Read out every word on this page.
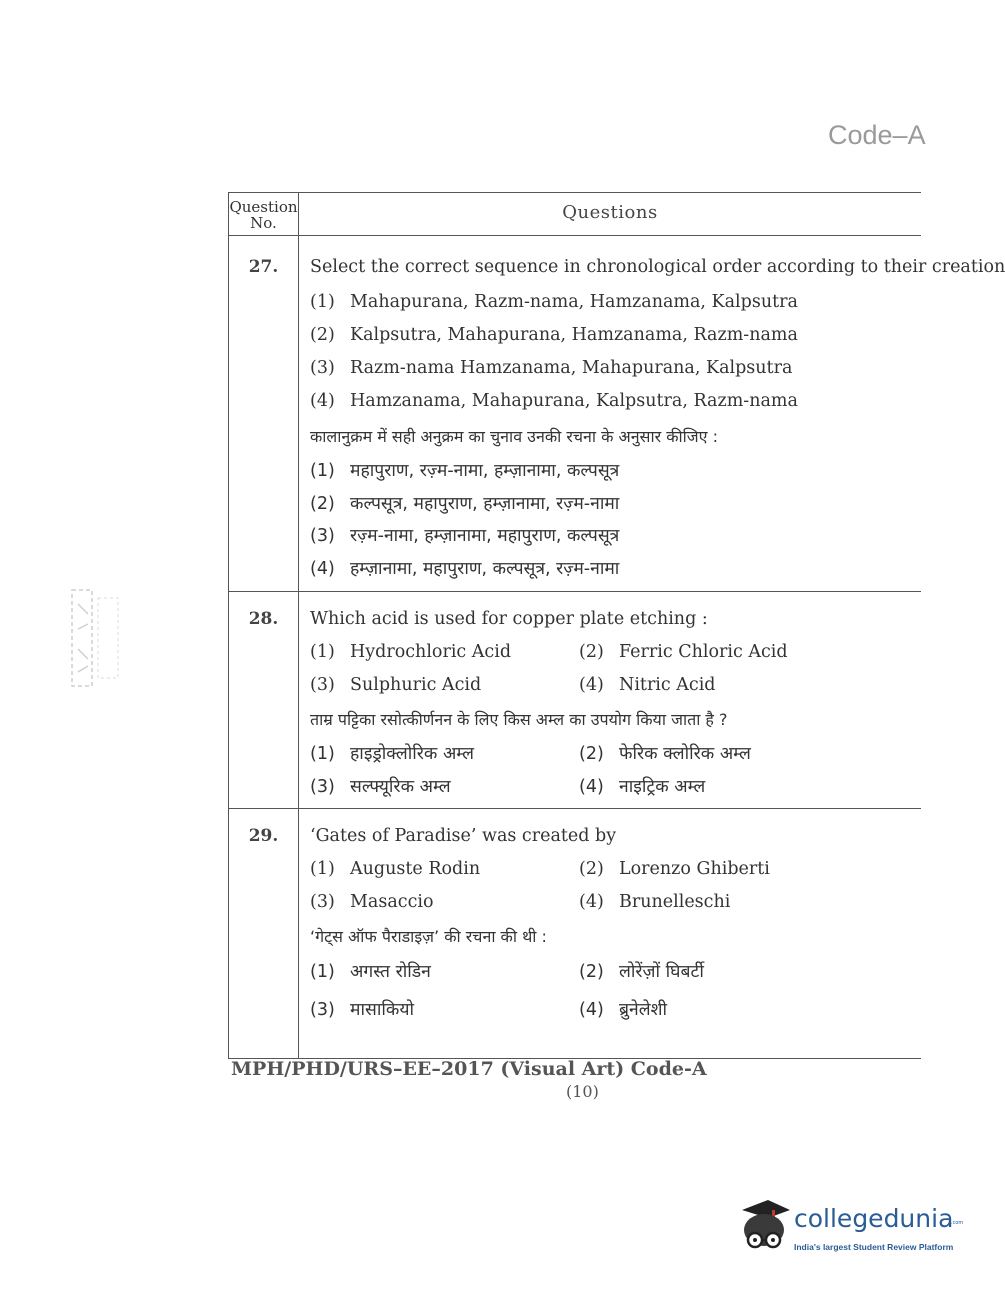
Code–A
Question
No.	Questions
27.	Select the correct sequence in chronological order according to their creation
(1) Mahapurana, Razm-nama, Hamzanama, Kalpsutra
(2) Kalpsutra, Mahapurana, Hamzanama, Razm-nama
(3) Razm-nama Hamzanama, Mahapurana, Kalpsutra
(4) Hamzanama, Mahapurana, Kalpsutra, Razm-nama
कालानुक्रम में सही अनुक्रम का चुनाव उनकी रचना के अनुसार कीजिए :
(1) महापुराण, रज़्म-नामा, हम्ज़ानामा, कल्पसूत्र
(2) कल्पसूत्र, महापुराण, हम्ज़ानामा, रज़्म-नामा
(3) रज़्म-नामा, हम्ज़ानामा, महापुराण, कल्पसूत्र
(4) हम्ज़ानामा, महापुराण, कल्पसूत्र, रज़्म-नामा
28.	Which acid is used for copper plate etching :
(1) Hydrochloric Acid	(2) Ferric Chloric Acid
(3) Sulphuric Acid	(4) Nitric Acid
ताम्र पट्टिका रसोत्कीर्णनन के लिए किस अम्ल का उपयोग किया जाता है ?
(1) हाइड्रोक्लोरिक अम्ल	(2) फेरिक क्लोरिक अम्ल
(3) सल्फ्यूरिक अम्ल	(4) नाइट्रिक अम्ल
29.	‘Gates of Paradise’ was created by
(1) Auguste Rodin	(2) Lorenzo Ghiberti
(3) Masaccio	(4) Brunelleschi
‘गेट्स ऑफ पैराडाइज़’ की रचना की थी :
(1) अगस्त रोडिन	(2) लोरेंज़ों घिबर्टी
(3) मासाकियो	(4) ब्रुनेलेशी
MPH/PHD/URS–EE–2017 (Visual Art) Code-A
(10)
collegedunia
.com
India's largest Student Review Platform
